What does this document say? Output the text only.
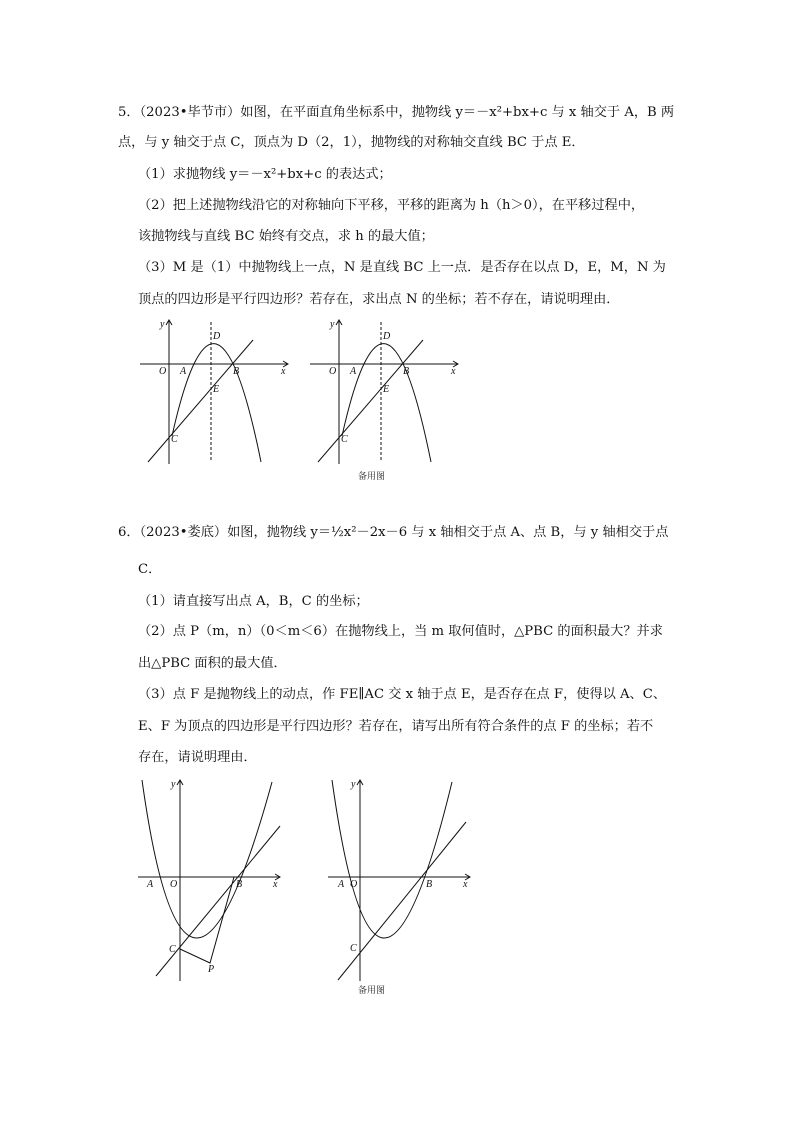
5．（2023•毕节市）如图，在平面直角坐标系中，抛物线 y＝－x²+bx+c 与 x 轴交于 A，B 两
点，与 y 轴交于点 C，顶点为 D（2，1），抛物线的对称轴交直线 BC 于点 E．
（1）求抛物线 y＝－x²+bx+c 的表达式；
（2）把上述抛物线沿它的对称轴向下平移，平移的距离为 h（h＞0），在平移过程中，
该抛物线与直线 BC 始终有交点，求 h 的最大值；
（3）M 是（1）中抛物线上一点，N 是直线 BC 上一点．是否存在以点 D，E，M，N 为
顶点的四边形是平行四边形？若存在，求出点 N 的坐标；若不存在，请说明理由．
y
x
O A	B
C
D
E
y
x
O A	B
C
D
E
备用图
6．（2023•娄底）如图，抛物线 y＝½x²－2x－6 与 x 轴相交于点 A、点 B，与 y 轴相交于点
C．
（1）请直接写出点 A，B，C 的坐标；
（2）点 P（m，n）（0＜m＜6）在抛物线上，当 m 取何值时，△PBC 的面积最大？并求
出△PBC 面积的最大值．
（3）点 F 是抛物线上的动点，作 FE∥AC 交 x 轴于点 E，是否存在点 F，使得以 A、C、
E、F 为顶点的四边形是平行四边形？若存在，请写出所有符合条件的点 F 的坐标；若不
存在，请说明理由．
y
x
O
A	B
C
P
y
x
O
A	B
C
备用图
